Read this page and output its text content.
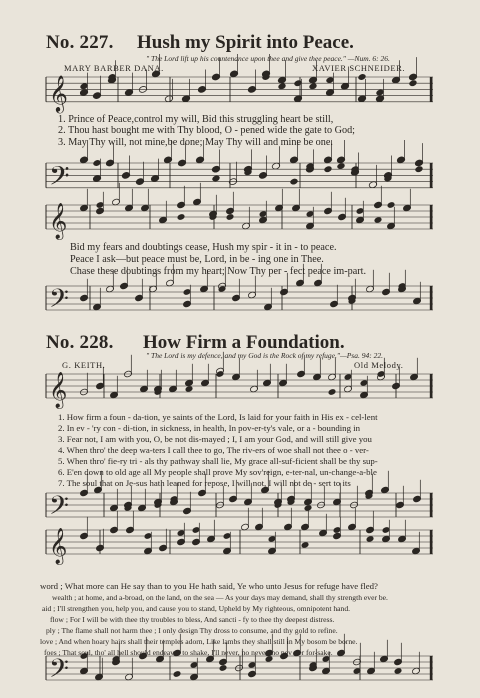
𝄞
𝄢
𝄞
𝄢
𝄞
𝄢
𝄞
𝄢
No. 227. Hush my Spirit into Peace.
" The Lord lift up his countenance upon thee and give thee peace." —Num. 6: 26.
MARY BARBER DANA.	XAVIER SCHNEIDER.
1. Prince of Peace,control my will, Bid this struggling heart be still,
2. Thou hast bought me with Thy blood, O - pened wide the gate to God;
3. May Thy will, not mine,be done; May Thy will and mine be one.
Bid my fears and doubtings cease, Hush my spir - it in - to peace.
Peace I ask—but peace must be, Lord, in be - ing one in Thee.
Chase these doubtings from my heart; Now Thy per - fect peace im-part.
No. 228. How Firm a Foundation.
" The Lord is my defence, and my God is the Rock of my refuge."—Psa. 94: 22.
G. KEITH.	Old Melody.
1. How firm a foun - da-tion, ye saints of the Lord, Is laid for your faith in His ex - cel-lent
2. In ev - 'ry con - di-tion, in sickness, in health, In pov-er-ty's vale, or a - bounding in
3. Fear not, I am with you, O, be not dis-mayed ; I, I am your God, and will still give you
4. When thro' the deep wa-ters I call thee to go, The riv-ers of woe shall not thee o - ver-
5. When thro' fie-ry tri - als thy pathway shall lie, My grace all-suf-ficient shall be thy sup-
6. E'en down to old age all My people shall prove My sov'reign, e-ter-nal, un-change-a-ble
7. The soul that on Je-sus hath leaned for repose, I will not, I will not de - sert to its
word ; What more can He say than to you He hath said, Ye who unto Jesus for refuge have fled?
wealth ; at home, and a-broad, on the land, on the sea — As your days may demand, shall thy strength ever be.
aid ; I'll strengthen you, help you, and cause you to stand, Upheld by My righteous, omnipotent hand.
flow ; For I will be with thee thy troubles to bless, And sancti - fy to thee thy deepest distress.
ply ; The flame shall not harm thee ; I only design Thy dross to consume, and thy gold to refine.
love ; And when hoary hairs shall their temples adorn, Like lambs they shall still in My bosom be borne.
foes ; That soul, tho' all hell should endeavor to shake, I'll never, no never, no nev - er for-sake.
